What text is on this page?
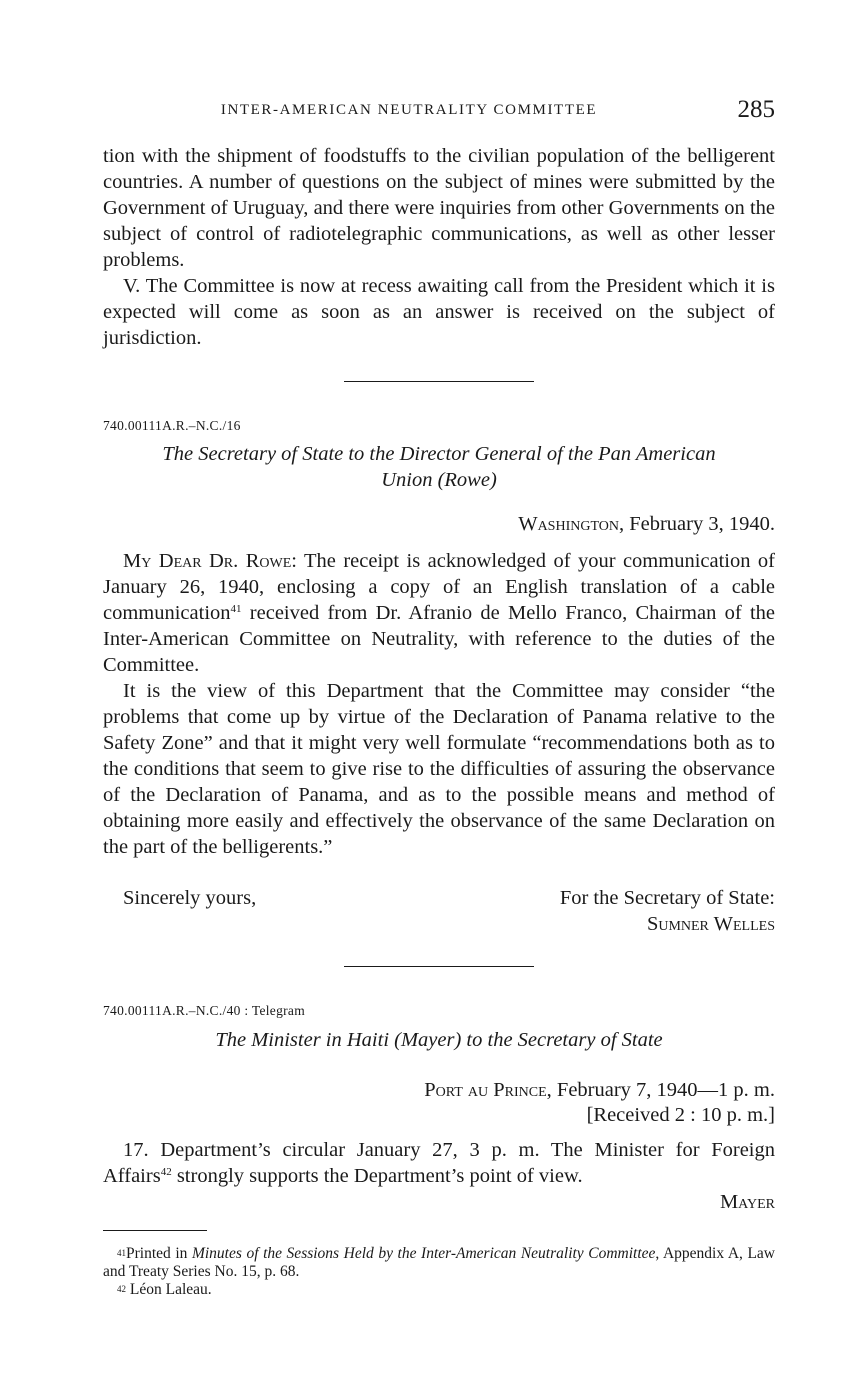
INTER-AMERICAN NEUTRALITY COMMITTEE	285

tion with the shipment of foodstuffs to the civilian population of the belligerent countries. A number of questions on the subject of mines were submitted by the Government of Uruguay, and there were inquiries from other Governments on the subject of control of radiotelegraphic communications, as well as other lesser problems.

V. The Committee is now at recess awaiting call from the President which it is expected will come as soon as an answer is received on the subject of jurisdiction.

740.00111A.R.–N.C./16
The Secretary of State to the Director General of the Pan American
Union (Rowe)
Washington, February 3, 1940.

My Dear Dr. Rowe: The receipt is acknowledged of your communication of January 26, 1940, enclosing a copy of an English translation of a cable communication$^{41}$ received from Dr. Afranio de Mello Franco, Chairman of the Inter-American Committee on Neutrality, with reference to the duties of the Committee.

It is the view of this Department that the Committee may consider “the problems that come up by virtue of the Declaration of Panama relative to the Safety Zone” and that it might very well formulate “recommendations both as to the conditions that seem to give rise to the difficulties of assuring the observance of the Declaration of Panama, and as to the possible means and method of obtaining more easily and effectively the observance of the same Declaration on the part of the belligerents.”

Sincerely yours,	For the Secretary of State:
Sumner Welles
740.00111A.R.–N.C./40 : Telegram
The Minister in Haiti (Mayer) to the Secretary of State
Port au Prince, February 7, 1940—1 p. m.
[Received 2 : 10 p. m.]

17. Department’s circular January 27, 3 p. m. The Minister for Foreign Affairs$^{42}$ strongly supports the Department’s point of view.

Mayer

$^{41}$Printed in Minutes of the Sessions Held by the Inter-American Neutrality Committee, Appendix A, Law and Treaty Series No. 15, p. 68.

$^{42}$ Léon Laleau.
